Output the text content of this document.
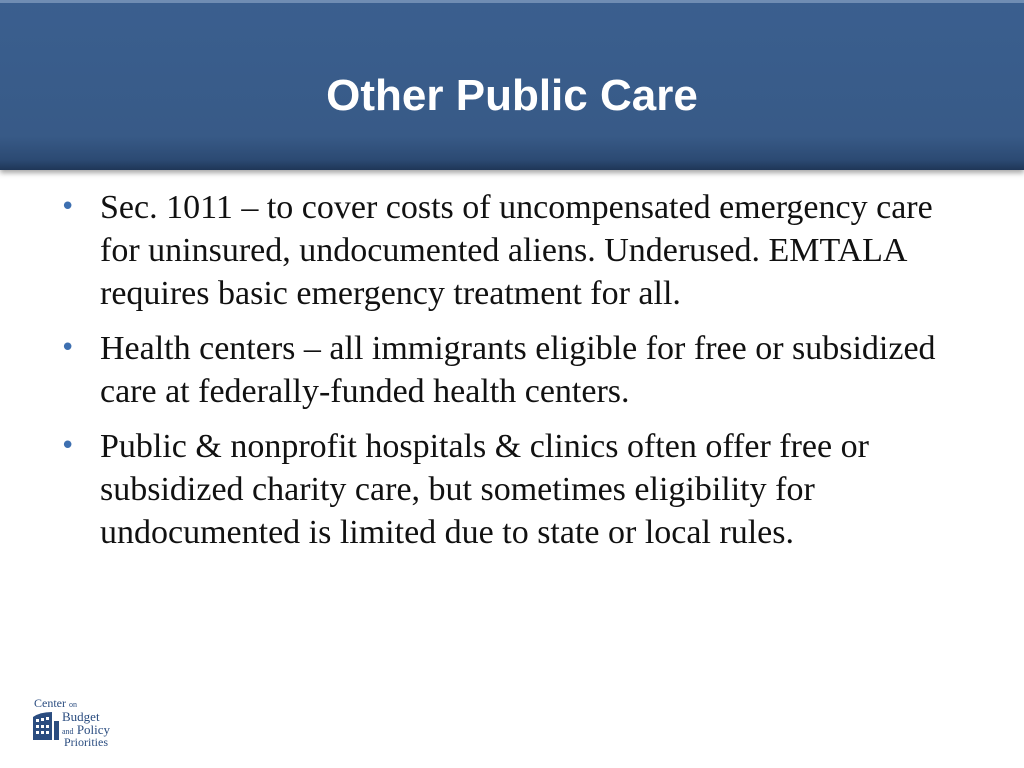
Other Public Care
• Sec. 1011 – to cover costs of uncompensated emergency care for uninsured, undocumented aliens. Underused. EMTALA requires basic emergency treatment for all.
• Health centers – all immigrants eligible for free or subsidized care at federally-funded health centers.
• Public & nonprofit hospitals & clinics often offer free or subsidized charity care, but sometimes eligibility for undocumented is limited due to state or local rules.
Center on
Budget
and Policy
Priorities
